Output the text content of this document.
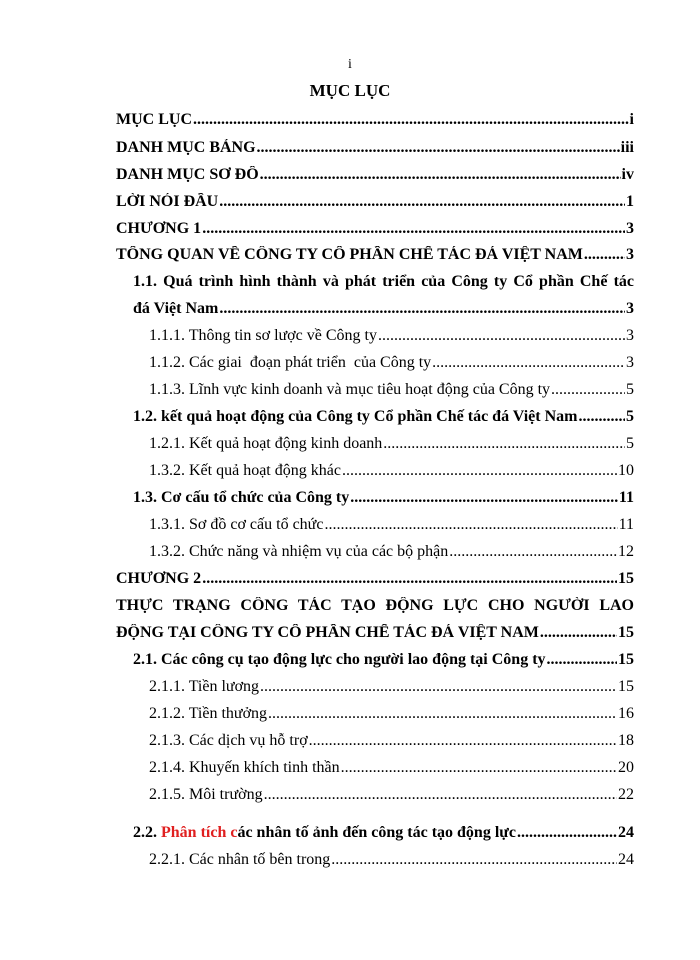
i
MỤC LỤC
MỤC LỤC .....	i
DANH MỤC BẢNG .....	iii
DANH MỤC SƠ ĐỒ .....	iv
LỜI NÓI ĐẦU .....	1
CHƯƠNG 1 .....	3
TỔNG QUAN VỀ CÔNG TY CỔ PHẦN CHẾ TÁC ĐÁ VIỆT NAM .....	3
1.1. Quá trình hình thành và phát triển của Công ty Cổ phần Chế tác
đá Việt Nam .....	3
1.1.1. Thông tin sơ lược về Công ty .....	3
1.1.2. Các giai  đoạn phát triển  của Công ty .....	3
1.1.3. Lĩnh vực kinh doanh và mục tiêu hoạt động của Công ty .....	5
1.2. kết quả hoạt động của Công ty Cổ phần Chế tác đá Việt Nam .....	5
1.2.1. Kết quả hoạt động kinh doanh .....	5
1.3.2. Kết quả hoạt động khác .....	10
1.3. Cơ cấu tổ chức của Công ty .....	11
1.3.1. Sơ đồ cơ cấu tổ chức .....	11
1.3.2. Chức năng và nhiệm vụ của các bộ phận .....	12
CHƯƠNG 2 .....	15
THỰC TRẠNG CÔNG TÁC TẠO ĐỘNG LỰC CHO NGƯỜI LAO
ĐỘNG TẠI CÔNG TY CỔ PHẦN CHẾ TÁC ĐÁ VIỆT NAM .....	15
2.1. Các công cụ tạo động lực cho người lao động tại Công ty .....	15
2.1.1. Tiền lương .....	15
2.1.2. Tiền thưởng .....	16
2.1.3. Các dịch vụ hỗ trợ .....	18
2.1.4. Khuyến khích tinh thần .....	20
2.1.5. Môi trường .....	22
2.2. Phân tích các nhân tố ảnh đến công tác tạo động lực .....	24
2.2.1. Các nhân tố bên trong .....	24
